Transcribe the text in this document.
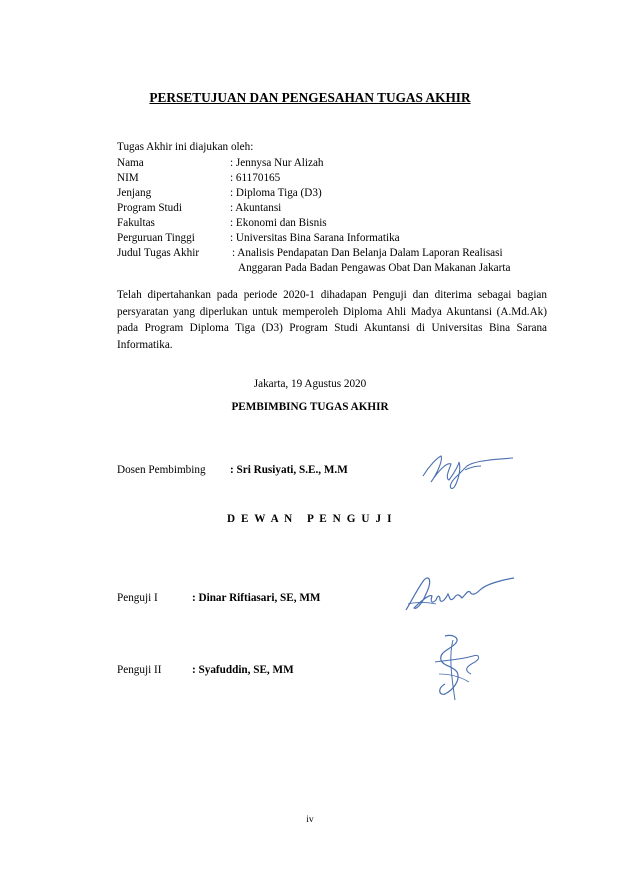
PERSETUJUAN DAN PENGESAHAN TUGAS AKHIR
Tugas Akhir ini diajukan oleh:
Nama	: Jennysa Nur Alizah
NIM	: 61170165
Jenjang	: Diploma Tiga (D3)
Program Studi	: Akuntansi
Fakultas	: Ekonomi dan Bisnis
Perguruan Tinggi	: Universitas Bina Sarana Informatika
Judul Tugas Akhir	: Analisis Pendapatan Dan Belanja Dalam Laporan Realisasi
Anggaran Pada Badan Pengawas Obat Dan Makanan Jakarta
Telah dipertahankan pada periode 2020-1 dihadapan Penguji dan diterima sebagai bagian persyaratan yang diperlukan untuk memperoleh Diploma Ahli Madya Akuntansi (A.Md.Ak) pada Program Diploma Tiga (D3) Program Studi Akuntansi di Universitas Bina Sarana Informatika.
Jakarta, 19 Agustus 2020
PEMBIMBING TUGAS AKHIR
Dosen Pembimbing : Sri Rusiyati, S.E., M.M
D E W A N   P E N G U J I
Penguji I	: Dinar Riftiasari, SE, MM
Penguji II	: Syafuddin, SE, MM
iv
